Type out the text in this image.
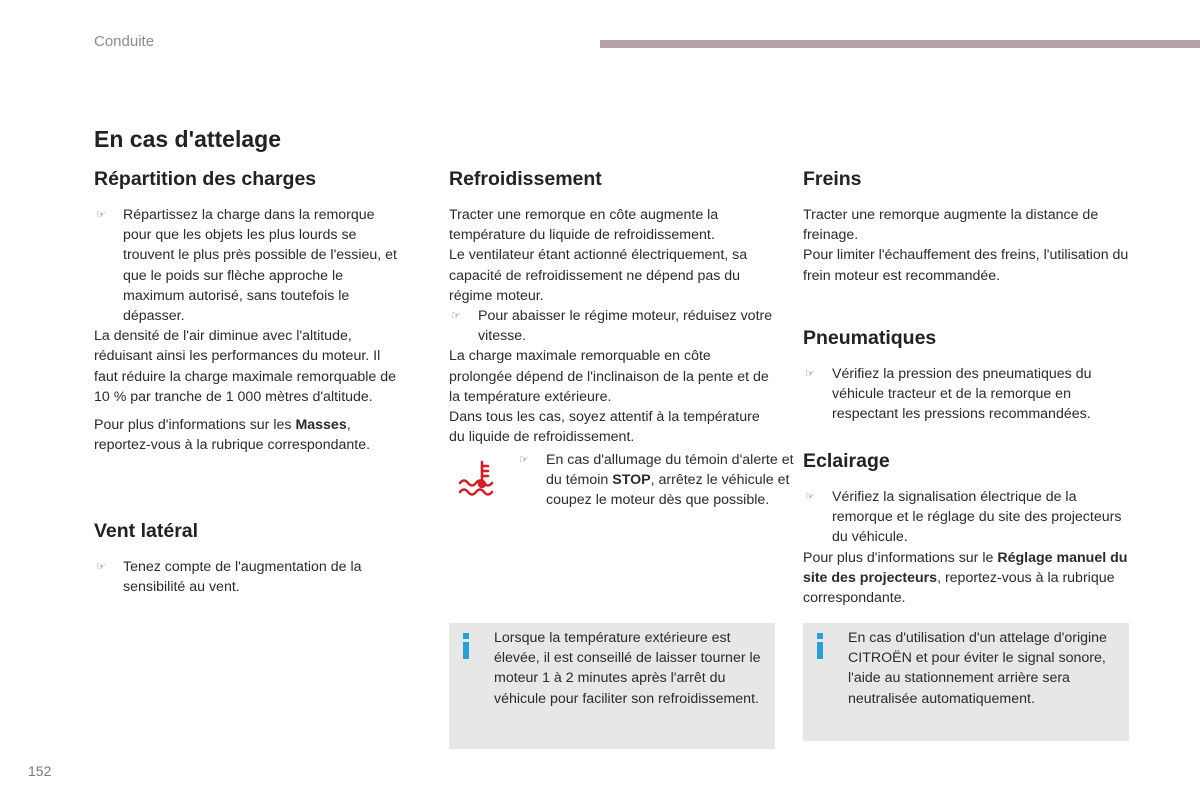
Conduite
En cas d'attelage
Répartition des charges
☞ Répartissez la charge dans la remorque pour que les objets les plus lourds se trouvent le plus près possible de l'essieu, et que le poids sur flèche approche le maximum autorisé, sans toutefois le dépasser.

La densité de l'air diminue avec l'altitude, réduisant ainsi les performances du moteur. Il faut réduire la charge maximale remorquable de 10 % par tranche de 1 000 mètres d'altitude.

Pour plus d'informations sur les Masses, reportez-vous à la rubrique correspondante.

Vent latéral
☞ Tenez compte de l'augmentation de la sensibilité au vent.
Refroidissement

Tracter une remorque en côte augmente la température du liquide de refroidissement.

Le ventilateur étant actionné électriquement, sa capacité de refroidissement ne dépend pas du régime moteur.

☞ Pour abaisser le régime moteur, réduisez votre vitesse.

La charge maximale remorquable en côte prolongée dépend de l'inclinaison de la pente et de la température extérieure.

Dans tous les cas, soyez attentif à la température du liquide de refroidissement.

☞ En cas d'allumage du témoin d'alerte et du témoin STOP, arrêtez le véhicule et coupez le moteur dès que possible.
Lorsque la température extérieure est élevée, il est conseillé de laisser tourner le moteur 1 à 2 minutes après l'arrêt du véhicule pour faciliter son refroidissement.
Freins

Tracter une remorque augmente la distance de freinage.

Pour limiter l'échauffement des freins, l'utilisation du frein moteur est recommandée.

Pneumatiques
☞ Vérifiez la pression des pneumatiques du véhicule tracteur et de la remorque en respectant les pressions recommandées.
Eclairage
☞ Vérifiez la signalisation électrique de la remorque et le réglage du site des projecteurs du véhicule.

Pour plus d'informations sur le Réglage manuel du site des projecteurs, reportez-vous à la rubrique correspondante.

En cas d'utilisation d'un attelage d'origine CITROËN et pour éviter le signal sonore, l'aide au stationnement arrière sera neutralisée automatiquement.
152
